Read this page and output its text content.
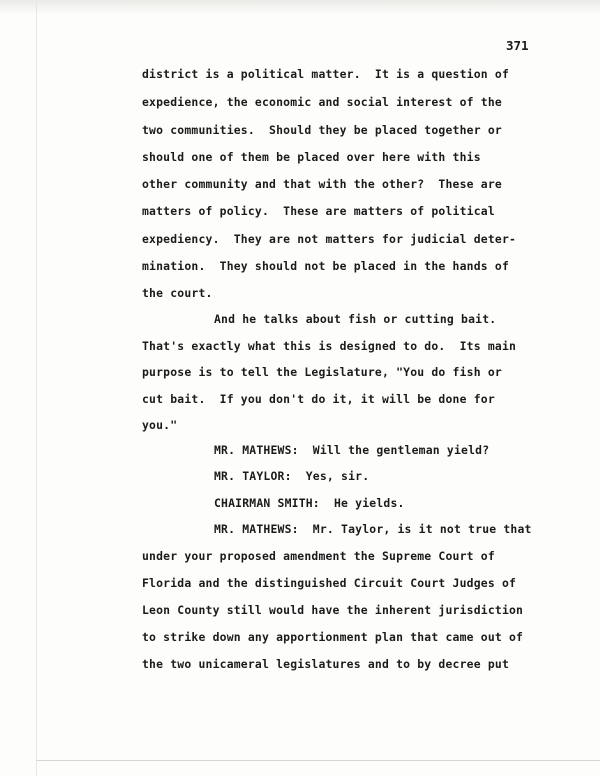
371
district is a political matter.  It is a question of
expedience, the economic and social interest of the
two communities.  Should they be placed together or
should one of them be placed over here with this
other community and that with the other?  These are
matters of policy.  These are matters of political
expediency.  They are not matters for judicial deter-
mination.  They should not be placed in the hands of
the court.
And he talks about fish or cutting bait.
That's exactly what this is designed to do.  Its main
purpose is to tell the Legislature, "You do fish or
cut bait.  If you don't do it, it will be done for
you."
MR. MATHEWS:  Will the gentleman yield?
MR. TAYLOR:  Yes, sir.
CHAIRMAN SMITH:  He yields.
MR. MATHEWS:  Mr. Taylor, is it not true that
under your proposed amendment the Supreme Court of
Florida and the distinguished Circuit Court Judges of
Leon County still would have the inherent jurisdiction
to strike down any apportionment plan that came out of
the two unicameral legislatures and to by decree put
